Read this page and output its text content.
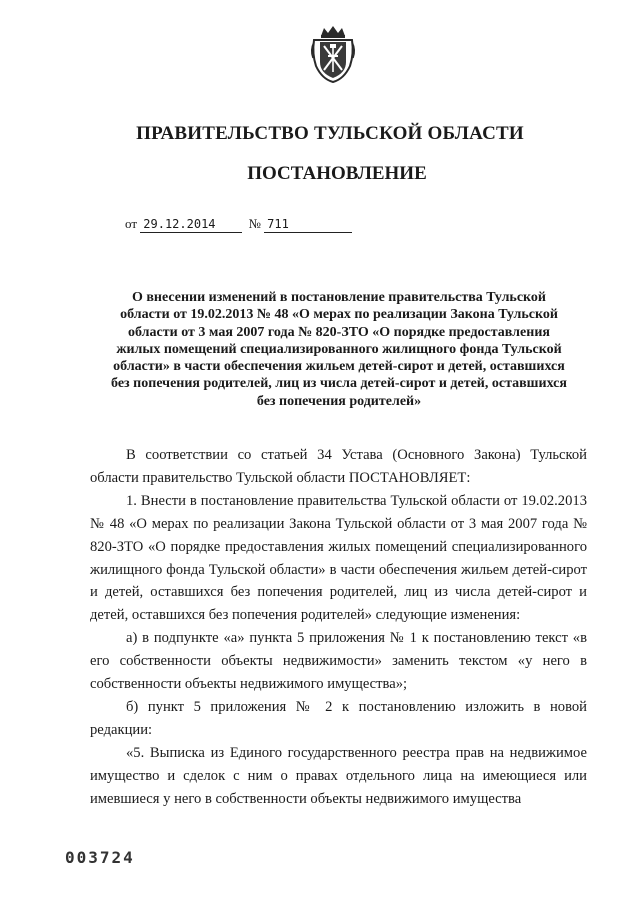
ПРАВИТЕЛЬСТВО ТУЛЬСКОЙ ОБЛАСТИ
ПОСТАНОВЛЕНИЕ
от 29.12.2014	№ 711
О внесении изменений в постановление правительства Тульской области от 19.02.2013 № 48 «О мерах по реализации Закона Тульской области от 3 мая 2007 года № 820-ЗТО «О порядке предоставления жилых помещений специализированного жилищного фонда Тульской области» в части обеспечения жильем детей-сирот и детей, оставшихся без попечения родителей, лиц из числа детей-сирот и детей, оставшихся без попечения родителей»

В соответствии со статьей 34 Устава (Основного Закона) Тульской области правительство Тульской области ПОСТАНОВЛЯЕТ:

1. Внести в постановление правительства Тульской области от 19.02.2013 № 48 «О мерах по реализации Закона Тульской области от 3 мая 2007 года № 820-ЗТО «О порядке предоставления жилых помещений специализированного жилищного фонда Тульской области» в части обеспечения жильем детей-сирот и детей, оставшихся без попечения родителей, лиц из числа детей-сирот и детей, оставшихся без попечения родителей» следующие изменения:

а) в подпункте «а» пункта 5 приложения № 1 к постановлению текст «в его собственности объекты недвижимости» заменить текстом «у него в собственности объекты недвижимого имущества»;

б) пункт 5 приложения № 2 к постановлению изложить в новой редакции:

«5. Выписка из Единого государственного реестра прав на недвижимое имущество и сделок с ним о правах отдельного лица на имеющиеся или имевшиеся у него в собственности объекты недвижимого имущества

003724
